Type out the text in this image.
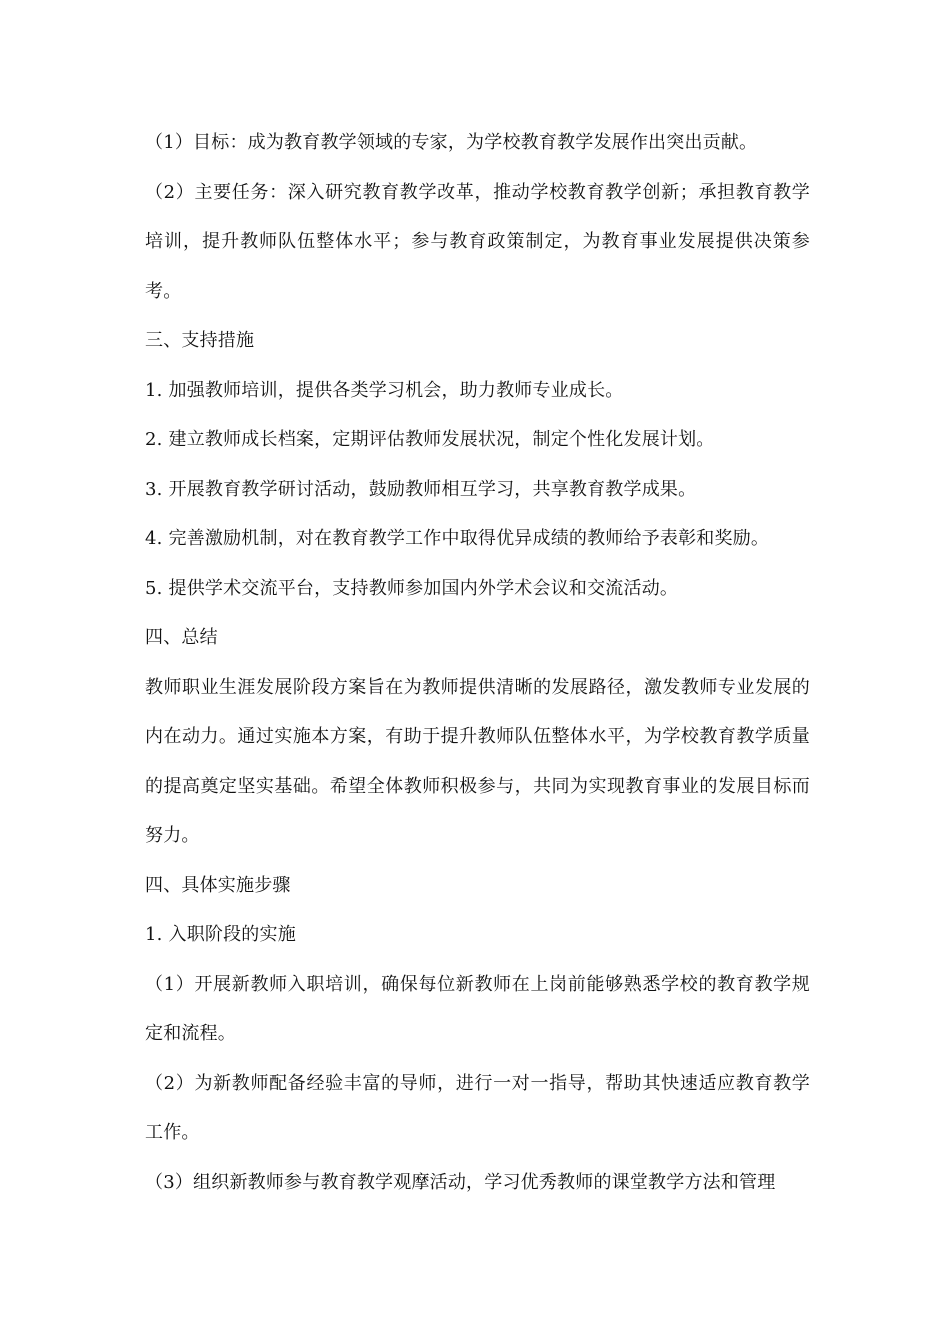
（1）目标：成为教育教学领域的专家，为学校教育教学发展作出突出贡献。

（2）主要任务：深入研究教育教学改革，推动学校教育教学创新；承担教育教学培训，提升教师队伍整体水平；参与教育政策制定，为教育事业发展提供决策参考。

三、支持措施

1. 加强教师培训，提供各类学习机会，助力教师专业成长。

2. 建立教师成长档案，定期评估教师发展状况，制定个性化发展计划。

3. 开展教育教学研讨活动，鼓励教师相互学习，共享教育教学成果。

4. 完善激励机制，对在教育教学工作中取得优异成绩的教师给予表彰和奖励。

5. 提供学术交流平台，支持教师参加国内外学术会议和交流活动。

四、总结

教师职业生涯发展阶段方案旨在为教师提供清晰的发展路径，激发教师专业发展的内在动力。通过实施本方案，有助于提升教师队伍整体水平，为学校教育教学质量的提高奠定坚实基础。希望全体教师积极参与，共同为实现教育事业的发展目标而努力。

四、具体实施步骤

1. 入职阶段的实施

（1）开展新教师入职培训，确保每位新教师在上岗前能够熟悉学校的教育教学规定和流程。

（2）为新教师配备经验丰富的导师，进行一对一指导，帮助其快速适应教育教学工作。

（3）组织新教师参与教育教学观摩活动，学习优秀教师的课堂教学方法和管理
